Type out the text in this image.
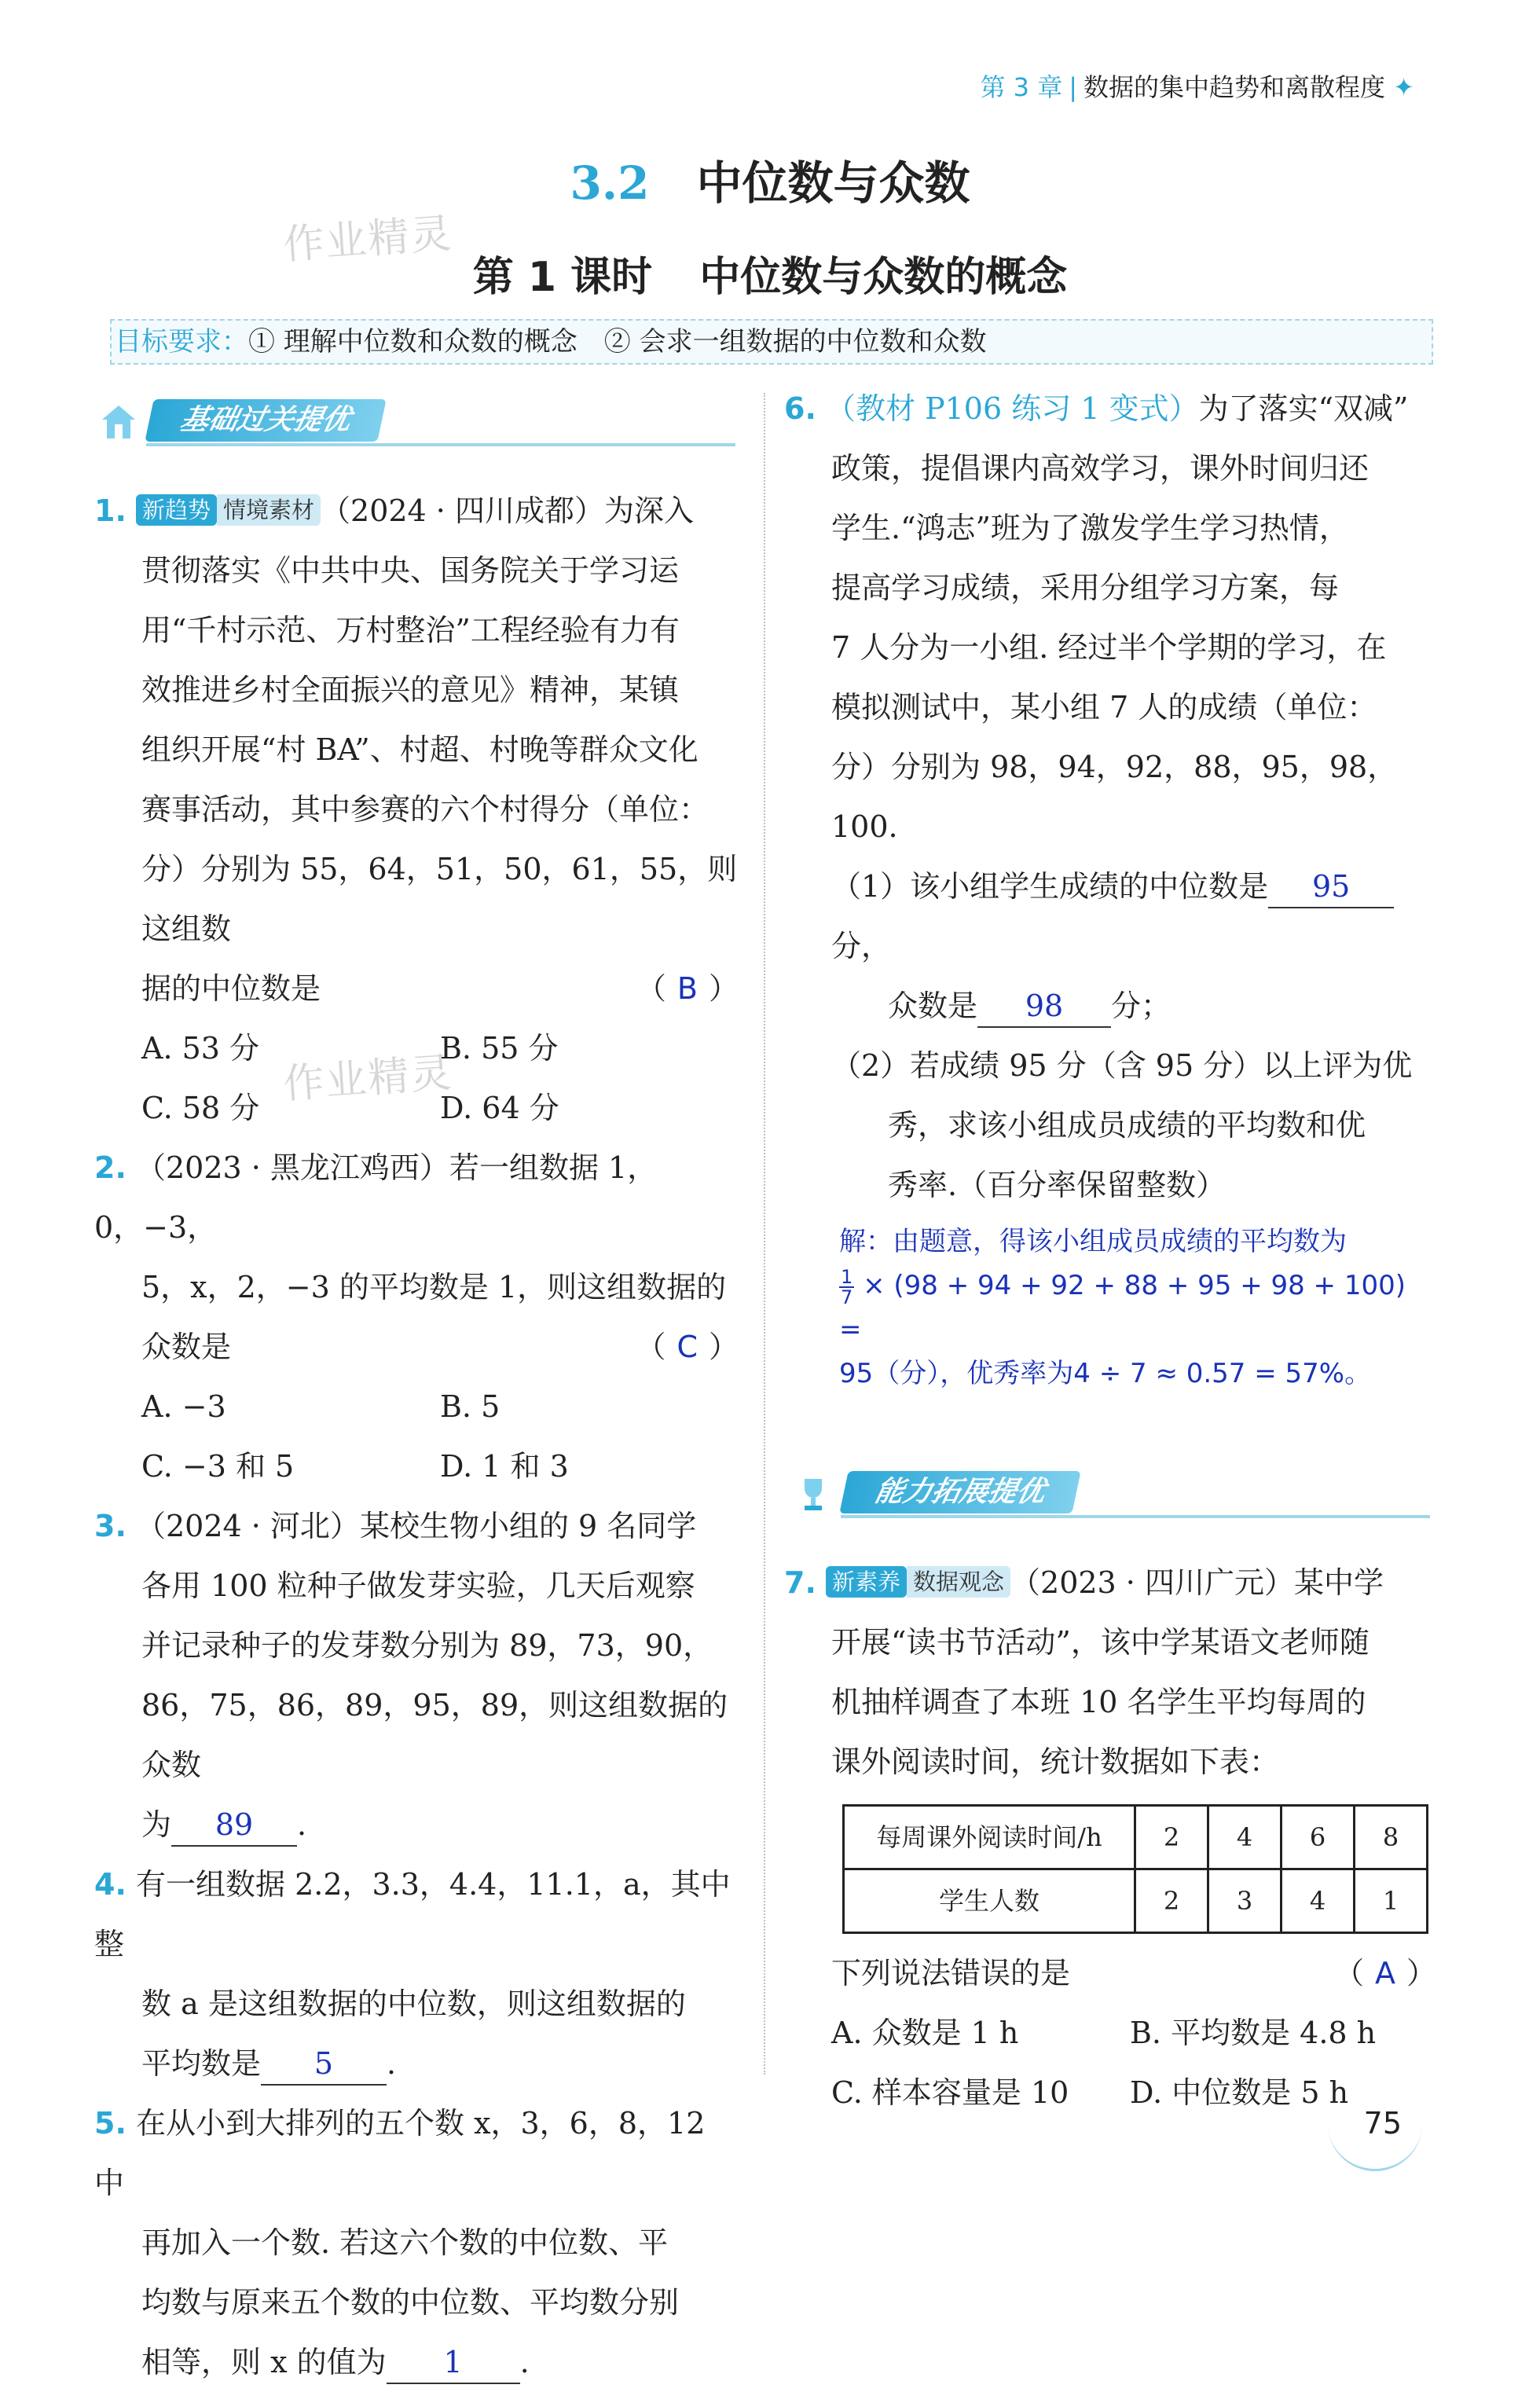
第 3 章 | 数据的集中趋势和离散程度 ✦
3.2 中位数与众数
第 1 课时 中位数与众数的概念
作业精灵
作业精灵
目标要求：① 理解中位数和众数的概念　② 会求一组数据的中位数和众数
基础过关提优
1. 新趋势 情境素材 （2024 · 四川成都）为深入
贯彻落实《中共中央、国务院关于学习运
用“千村示范、万村整治”工程经验有力有
效推进乡村全面振兴的意见》精神，某镇
组织开展“村 BA”、村超、村晚等群众文化
赛事活动，其中参赛的六个村得分（单位：
分）分别为 55，64，51，50，61，55，则这组数
据的中位数是	（ B ）
A. 53 分	B. 55 分
C. 58 分	D. 64 分
2. （2023 · 黑龙江鸡西）若一组数据 1，0，−3，
5，x，2，−3 的平均数是 1，则这组数据的
众数是	（ C ）
A. −3	B. 5
C. −3 和 5	D. 1 和 3
3. （2024 · 河北）某校生物小组的 9 名同学
各用 100 粒种子做发芽实验，几天后观察
并记录种子的发芽数分别为 89，73，90，
86，75，86，89，95，89，则这组数据的众数
为 89 .
4. 有一组数据 2.2，3.3，4.4，11.1，a，其中整
数 a 是这组数据的中位数，则这组数据的
平均数是 5 .
5. 在从小到大排列的五个数 x，3，6，8，12 中
再加入一个数. 若这六个数的中位数、平
均数与原来五个数的中位数、平均数分别
相等，则 x 的值为 1 .
6. （教材 P106 练习 1 变式）为了落实“双减”
政策，提倡课内高效学习，课外时间归还
学生.“鸿志”班为了激发学生学习热情，
提高学习成绩，采用分组学习方案，每
7 人分为一小组. 经过半个学期的学习，在
模拟测试中，某小组 7 人的成绩（单位：
分）分别为 98，94，92，88，95，98，100.
（1）该小组学生成绩的中位数是 95分，
众数是 98 分；
（2）若成绩 95 分（含 95 分）以上评为优
秀，求该小组成员成绩的平均数和优
秀率.（百分率保留整数）
解：由题意，得该小组成员成绩的平均数为
$\frac{1}{7} \times (98 + 94 + 92 + 88 + 95 + 98 + 100)$ =
95（分），优秀率为4 ÷ 7 ≈ 0.57 = 57%。
能力拓展提优
7. 新素养 数据观念 （2023 · 四川广元）某中学
开展“读书节活动”，该中学某语文老师随
机抽样调查了本班 10 名学生平均每周的
课外阅读时间，统计数据如下表：
每周课外阅读时间/h	2	4	6	8
学生人数	2	3	4	1
下列说法错误的是	（ A ）
A. 众数是 1 h	B. 平均数是 4.8 h
C. 样本容量是 10	D. 中位数是 5 h
75
